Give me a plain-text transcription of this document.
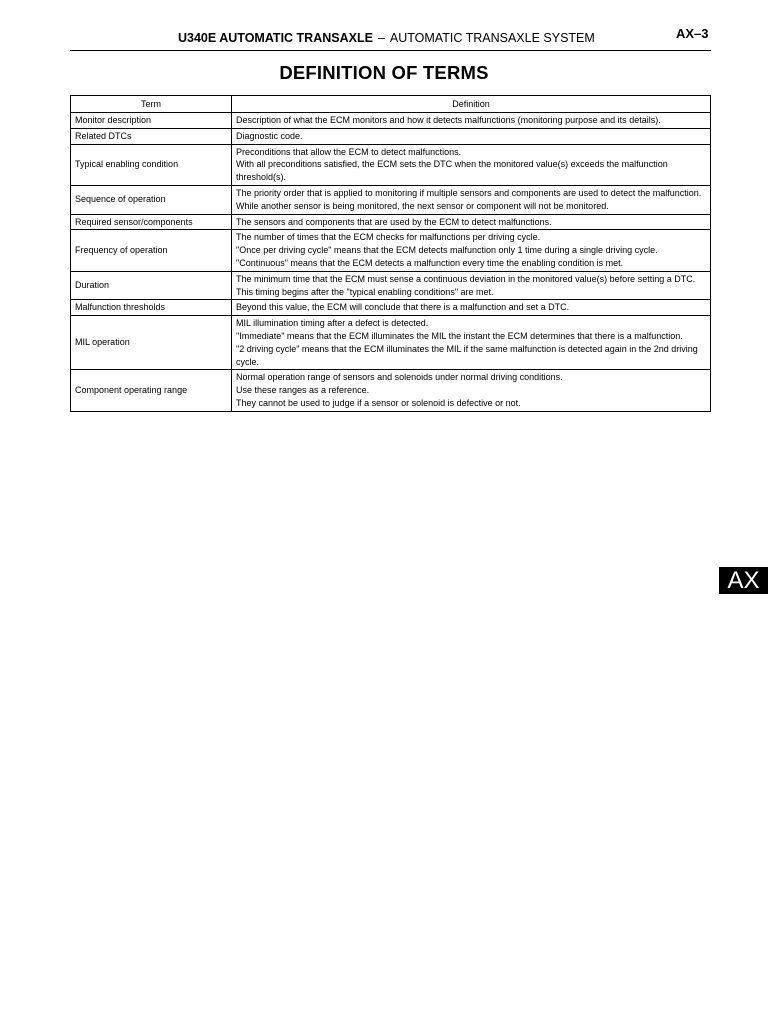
U340E AUTOMATIC TRANSAXLE – AUTOMATIC TRANSAXLE SYSTEM	AX–3
DEFINITION OF TERMS
Term	Definition
Monitor description	Description of what the ECM monitors and how it detects malfunctions (monitoring purpose and its details).

Related DTCs	Diagnostic code.

Typical enabling condition	Preconditions that allow the ECM to detect malfunctions.
With all preconditions satisfied, the ECM sets the DTC when the monitored value(s) exceeds the malfunction threshold(s).

Sequence of operation	The priority order that is applied to monitoring if multiple sensors and components are used to detect the malfunction.
While another sensor is being monitored, the next sensor or component will not be monitored.

Required sensor/components	The sensors and components that are used by the ECM to detect malfunctions.

Frequency of operation	The number of times that the ECM checks for malfunctions per driving cycle.
"Once per driving cycle" means that the ECM detects malfunction only 1 time during a single driving cycle.
"Continuous" means that the ECM detects a malfunction every time the enabling condition is met.

Duration	The minimum time that the ECM must sense a continuous deviation in the monitored value(s) before setting a DTC. This timing begins after the "typical enabling conditions" are met.

Malfunction thresholds	Beyond this value, the ECM will conclude that there is a malfunction and set a DTC.

MIL operation	MIL illumination timing after a defect is detected.
"Immediate" means that the ECM illuminates the MIL the instant the ECM determines that there is a malfunction.
"2 driving cycle" means that the ECM illuminates the MIL if the same malfunction is detected again in the 2nd driving cycle.

Component operating range	Normal operation range of sensors and solenoids under normal driving conditions.
Use these ranges as a reference.
They cannot be used to judge if a sensor or solenoid is defective or not.
AX
